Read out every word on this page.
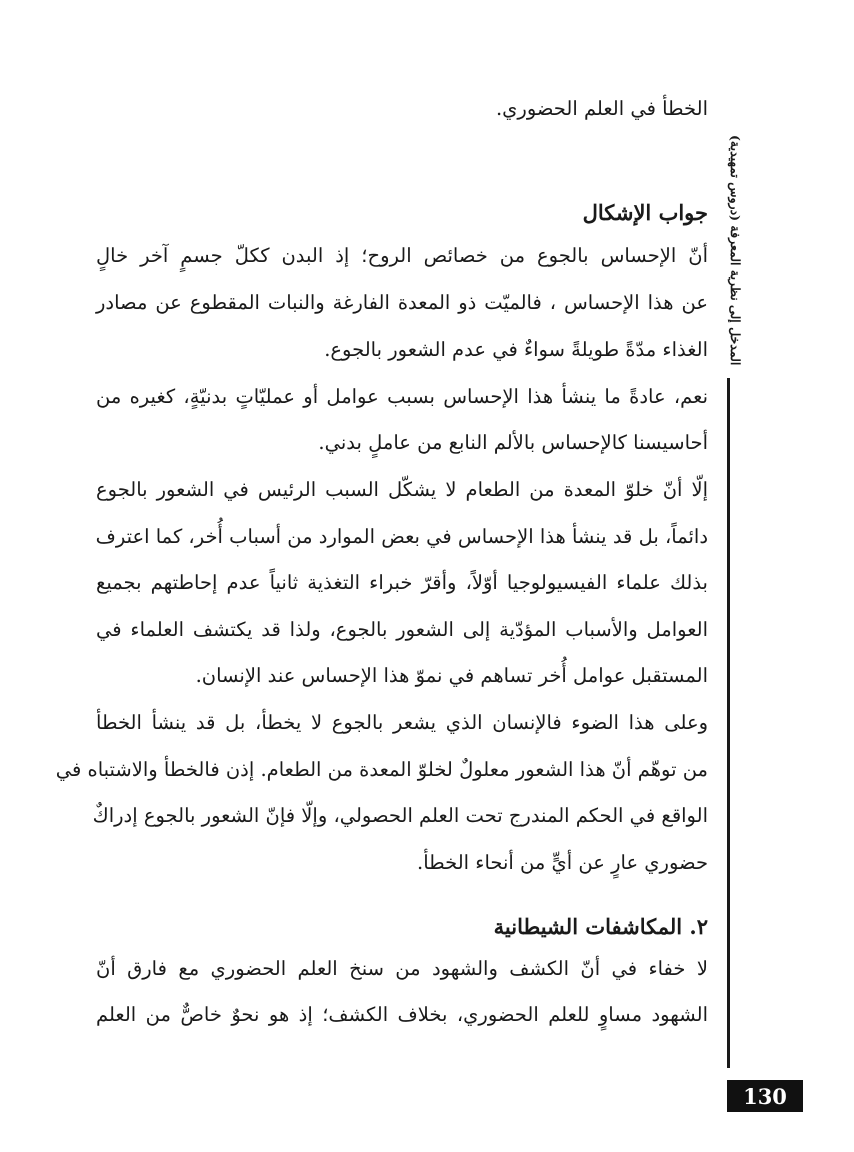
المدخل إلى نظرية المعرفة (دروس تمهيدية)
الخطأ في العلم الحضوري.
جواب الإشكال
أنّ الإحساس بالجوع من خصائص الروح؛ إذ البدن ككلّ جسمٍ آخر خالٍ
عن هذا الإحساس ، فالميّت ذو المعدة الفارغة والنبات المقطوع عن مصادر
الغذاء مدّةً طويلةً سواءٌ في عدم الشعور بالجوع.
نعم، عادةً ما ينشأ هذا الإحساس بسبب عوامل أو عمليّاتٍ بدنيّةٍ، كغيره من
أحاسيسنا كالإحساس بالألم النابع من عاملٍ بدني.
إلّا أنّ خلوّ المعدة من الطعام لا يشكّل السبب الرئيس في الشعور بالجوع
دائماً، بل قد ينشأ هذا الإحساس في بعض الموارد من أسباب أُخر، كما اعترف
بذلك علماء الفيسيولوجيا أوّلاً، وأقرّ خبراء التغذية ثانياً عدم إحاطتهم بجميع
العوامل والأسباب المؤدّية إلى الشعور بالجوع، ولذا قد يكتشف العلماء في
المستقبل عوامل أُخر تساهم في نموّ هذا الإحساس عند الإنسان.
وعلى هذا الضوء فالإنسان الذي يشعر بالجوع لا يخطأ، بل قد ينشأ الخطأ
من توهّم أنّ هذا الشعور معلولٌ لخلوّ المعدة من الطعام. إذن فالخطأ والاشتباه في
الواقع في الحكم المندرج تحت العلم الحصولي، وإلّا فإنّ الشعور بالجوع إدراكٌ
حضوري عارٍ عن أيٍّ من أنحاء الخطأ.
٢. المكاشفات الشيطانية
لا خفاء في أنّ الكشف والشهود من سنخ العلم الحضوري مع فارق أنّ
الشهود مساوٍ للعلم الحضوري، بخلاف الكشف؛ إذ هو نحوٌ خاصٌّ من العلم
130
